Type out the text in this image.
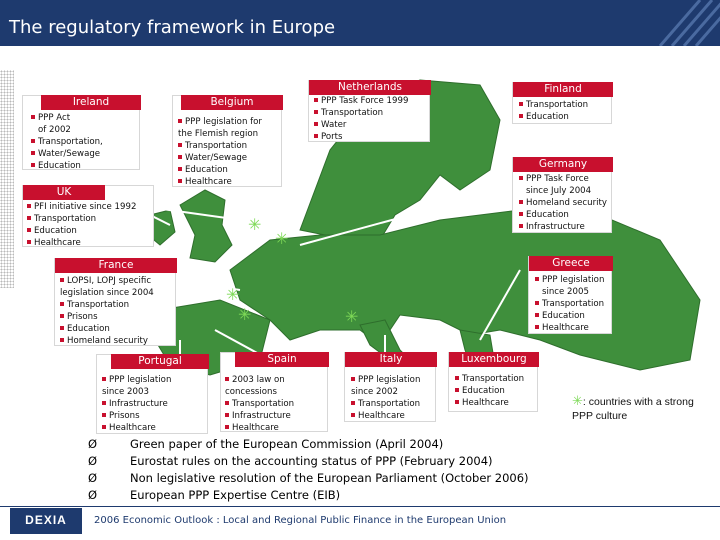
The regulatory framework in Europe
✳
✳
✳
✳	✳
Ireland
PPP Act
of 2002
Transportation,
Water/Sewage
Education
Belgium
PPP legislation for
the Flemish region
Transportation
Water/Sewage
Education
Healthcare
Netherlands
PPP Task Force 1999
Transportation
Water
Ports
Finland
Transportation
Education
Germany
PPP Task Force
since July 2004
Homeland security
Education
Infrastructure
UK
PFI initiative since 1992
Transportation
Education
Healthcare
France
LOPSI, LOPJ specific
legislation since 2004
Transportation
Prisons
Education
Homeland security
Greece
PPP legislation
since 2005
Transportation
Education
Healthcare
Portugal
PPP legislation
since 2003
Infrastructure
Prisons
Healthcare
Spain
2003 law on
concessions
Transportation
Infrastructure
Healthcare
Italy
PPP legislation
since 2002
Transportation
Healthcare
Luxembourg
Transportation
Education
Healthcare	✳: countries with a strong
PPP culture
Ø	Green paper of the European Commission (April 2004)
Ø	Eurostat rules on the accounting status of PPP (February 2004)
Ø	Non legislative resolution of the European Parliament (October 2006)
Ø	European PPP Expertise Centre (EIB)
DEXIA	2006 Economic Outlook : Local and Regional Public Finance in the European Union
